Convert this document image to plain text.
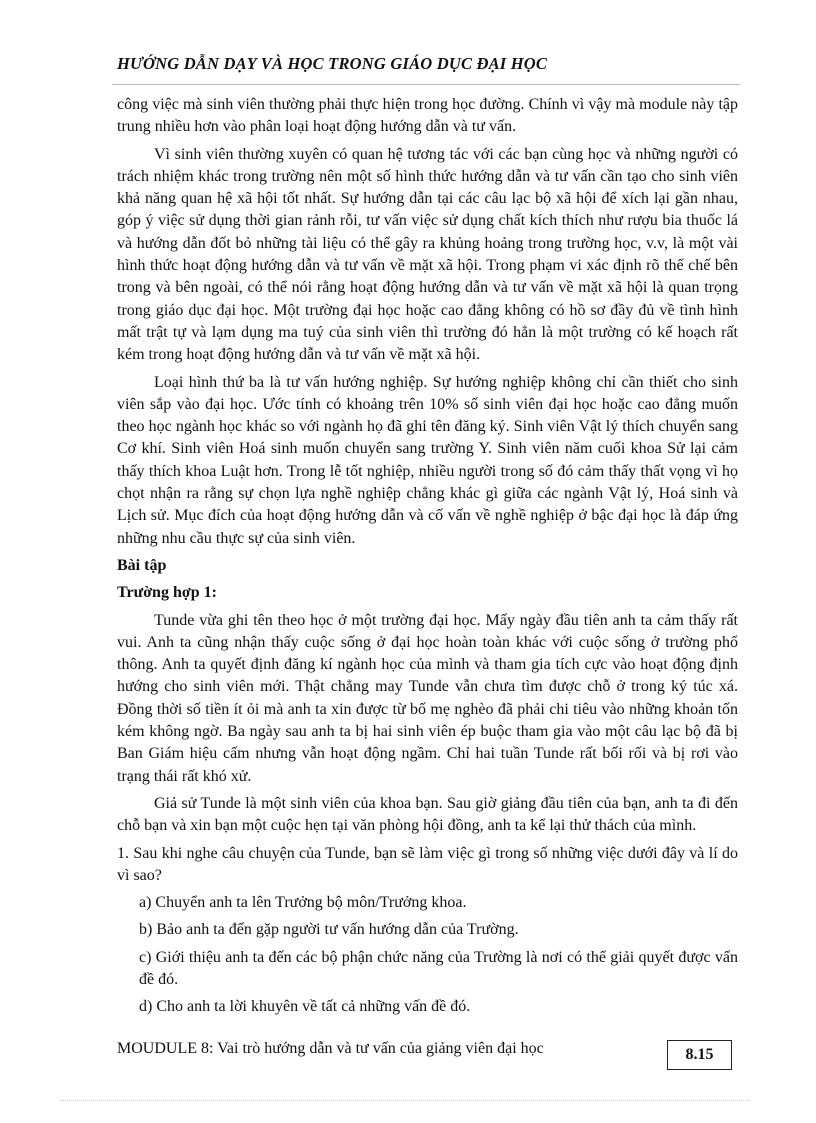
HƯỚNG DẪN DẠY VÀ HỌC TRONG GIÁO DỤC ĐẠI HỌC

công việc mà sinh viên thường phải thực hiện trong học đường. Chính vì vậy mà module này tập trung nhiều hơn vào phân loại hoạt động hướng dẫn và tư vấn.

Vì sinh viên thường xuyên có quan hệ tương tác với các bạn cùng học và những người có trách nhiệm khác trong trường nên một số hình thức hướng dẫn và tư vấn cần tạo cho sinh viên khả năng quan hệ xã hội tốt nhất. Sự hướng dẫn tại các câu lạc bộ xã hội để xích lại gần nhau, góp ý việc sử dụng thời gian rảnh rỗi, tư vấn việc sử dụng chất kích thích như rượu bia thuốc lá và hướng dẫn đốt bỏ những tài liệu có thể gây ra khủng hoảng trong trường học, v.v, là một vài hình thức hoạt động hướng dẫn và tư vấn về mặt xã hội. Trong phạm vi xác định rõ thể chế bên trong và bên ngoài, có thể nói rằng hoạt động hướng dẫn và tư vấn về mặt xã hội là quan trọng trong giáo dục đại học. Một trường đại học hoặc cao đẳng không có hồ sơ đầy đủ về tình hình mất trật tự và lạm dụng ma tuý của sinh viên thì trường đó hẳn là một trường có kế hoạch rất kém trong hoạt động hướng dẫn và tư vấn về mặt xã hội.

Loại hình thứ ba là tư vấn hướng nghiệp. Sự hướng nghiệp không chỉ cần thiết cho sinh viên sắp vào đại học. Ước tính có khoảng trên 10% số sinh viên đại học hoặc cao đẳng muốn theo học ngành học khác so với ngành họ đã ghi tên đăng ký. Sinh viên Vật lý thích chuyển sang Cơ khí. Sinh viên Hoá sinh muốn chuyển sang trường Y. Sinh viên năm cuối khoa Sử lại cảm thấy thích khoa Luật hơn. Trong lễ tốt nghiệp, nhiều người trong số đó cảm thấy thất vọng vì họ chọt nhận ra rằng sự chọn lựa nghề nghiệp chẳng khác gì giữa các ngành Vật lý, Hoá sinh và Lịch sử. Mục đích của hoạt động hướng dẫn và cố vấn về nghề nghiệp ở bậc đại học là đáp ứng những nhu cầu thực sự của sinh viên.

Bài tập
Trường hợp 1:

Tunde vừa ghi tên theo học ở một trường đại học. Mấy ngày đầu tiên anh ta cảm thấy rất vui. Anh ta cũng nhận thấy cuộc sống ở đại học hoàn toàn khác với cuộc sống ở trường phổ thông. Anh ta quyết định đăng kí ngành học của mình và tham gia tích cực vào hoạt động định hướng cho sinh viên mới. Thật chẳng may Tunde vẫn chưa tìm được chỗ ở trong ký túc xá. Đồng thời số tiền ít ỏi mà anh ta xin được từ bố mẹ nghèo đã phải chi tiêu vào những khoản tốn kém không ngờ. Ba ngày sau anh ta bị hai sinh viên ép buộc tham gia vào một câu lạc bộ đã bị Ban Giám hiệu cấm nhưng vẫn hoạt động ngầm. Chỉ hai tuần Tunde rất bối rối và bị rơi vào trạng thái rất khó xử.

Giả sử Tunde là một sinh viên của khoa bạn. Sau giờ giảng đầu tiên của bạn, anh ta đi đến chỗ bạn và xin bạn một cuộc hẹn tại văn phòng hội đồng, anh ta kể lại thử thách của mình.

1. Sau khi nghe câu chuyện của Tunde, bạn sẽ làm việc gì trong số những việc dưới đây và lí do vì sao?

a) Chuyển anh ta lên Trưởng bộ môn/Trưởng khoa.

b) Bảo anh ta đến gặp người tư vấn hướng dẫn của Trường.

c) Giới thiệu anh ta đến các bộ phận chức năng của Trường là nơi có thể giải quyết được vấn đề đó.

d) Cho anh ta lời khuyên về tất cả những vấn đề đó.

MOUDULE 8: Vai trò hướng dẫn và tư vấn của giảng viên đại học	8.15
